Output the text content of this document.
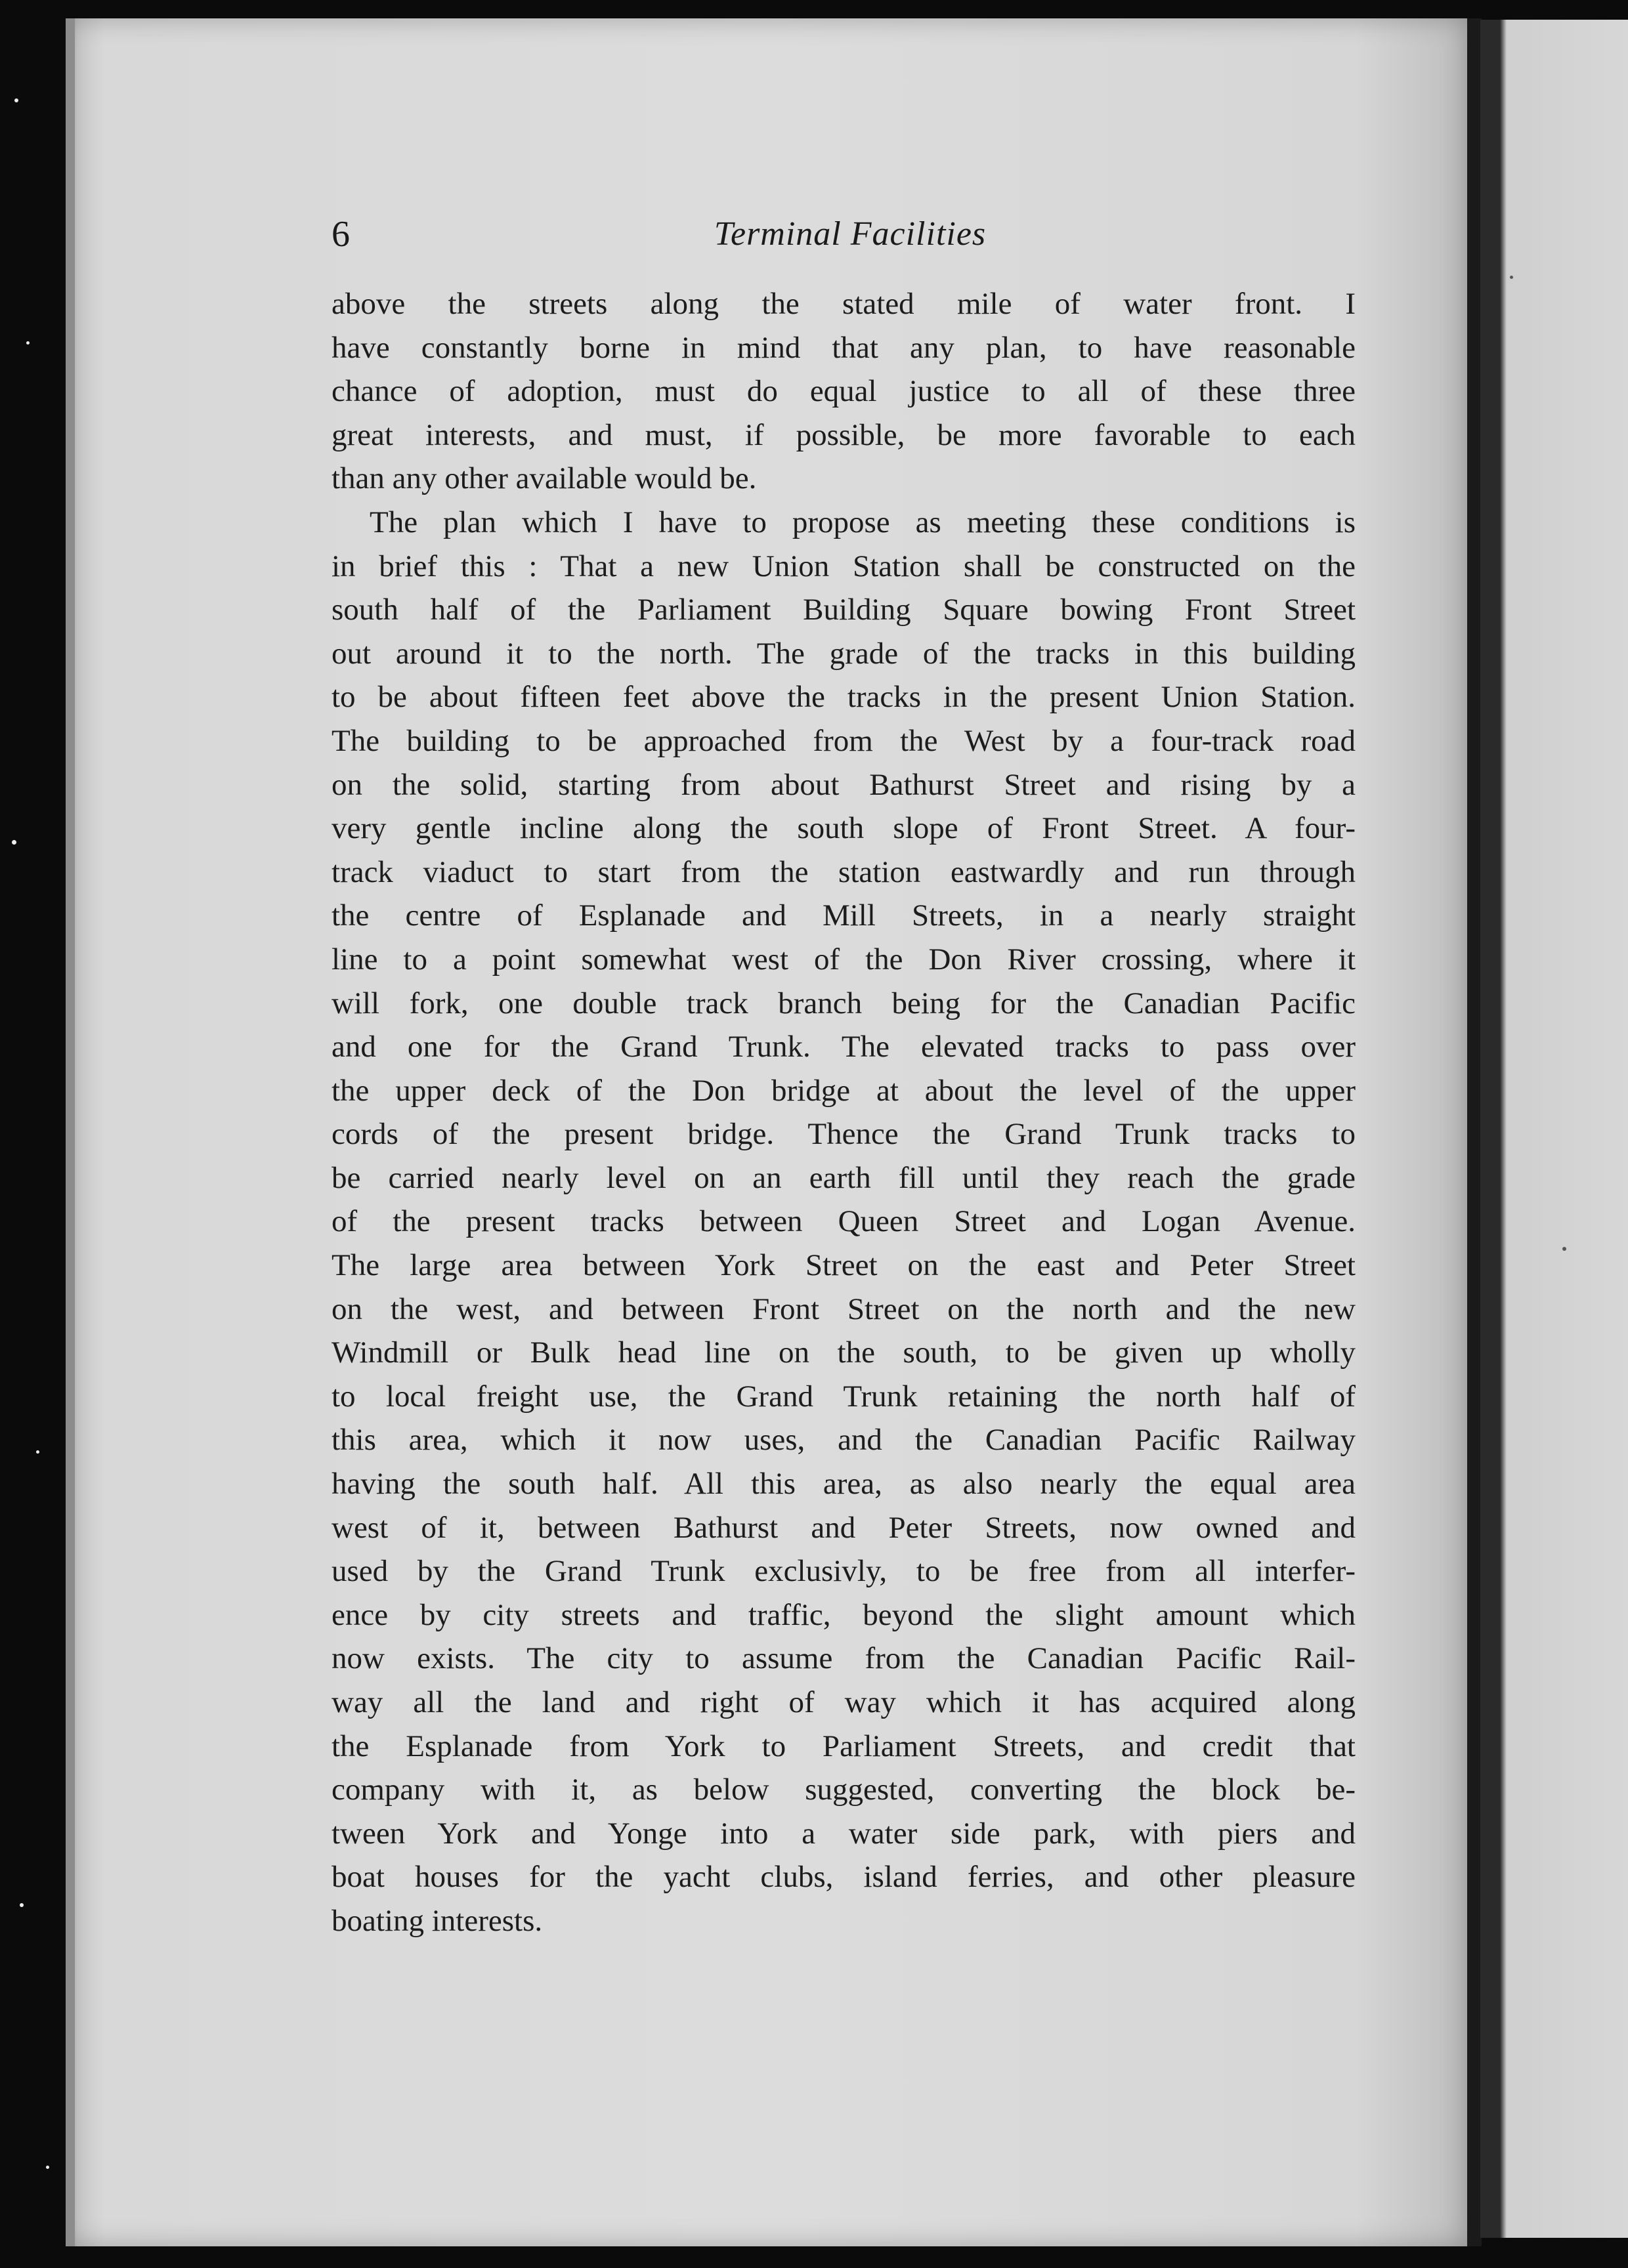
6	Terminal Facilities
above the streets along the stated mile of water front. I
have constantly borne in mind that any plan, to have reasonable
chance of adoption, must do equal justice to all of these three
great interests, and must, if possible, be more favorable to each
than any other available would be.
The plan which I have to propose as meeting these conditions is
in brief this : That a new Union Station shall be constructed on the
south half of the Parliament Building Square bowing Front Street
out around it to the north. The grade of the tracks in this building
to be about fifteen feet above the tracks in the present Union Station.
The building to be approached from the West by a four-track road
on the solid, starting from about Bathurst Street and rising by a
very gentle incline along the south slope of Front Street. A four-
track viaduct to start from the station eastwardly and run through
the centre of Esplanade and Mill Streets, in a nearly straight
line to a point somewhat west of the Don River crossing, where it
will fork, one double track branch being for the Canadian Pacific
and one for the Grand Trunk. The elevated tracks to pass over
the upper deck of the Don bridge at about the level of the upper
cords of the present bridge. Thence the Grand Trunk tracks to
be carried nearly level on an earth fill until they reach the grade
of the present tracks between Queen Street and Logan Avenue.
The large area between York Street on the east and Peter Street
on the west, and between Front Street on the north and the new
Windmill or Bulk head line on the south, to be given up wholly
to local freight use, the Grand Trunk retaining the north half of
this area, which it now uses, and the Canadian Pacific Railway
having the south half. All this area, as also nearly the equal area
west of it, between Bathurst and Peter Streets, now owned and
used by the Grand Trunk exclusivly, to be free from all interfer-
ence by city streets and traffic, beyond the slight amount which
now exists. The city to assume from the Canadian Pacific Rail-
way all the land and right of way which it has acquired along
the Esplanade from York to Parliament Streets, and credit that
company with it, as below suggested, converting the block be-
tween York and Yonge into a water side park, with piers and
boat houses for the yacht clubs, island ferries, and other pleasure
boating interests.
